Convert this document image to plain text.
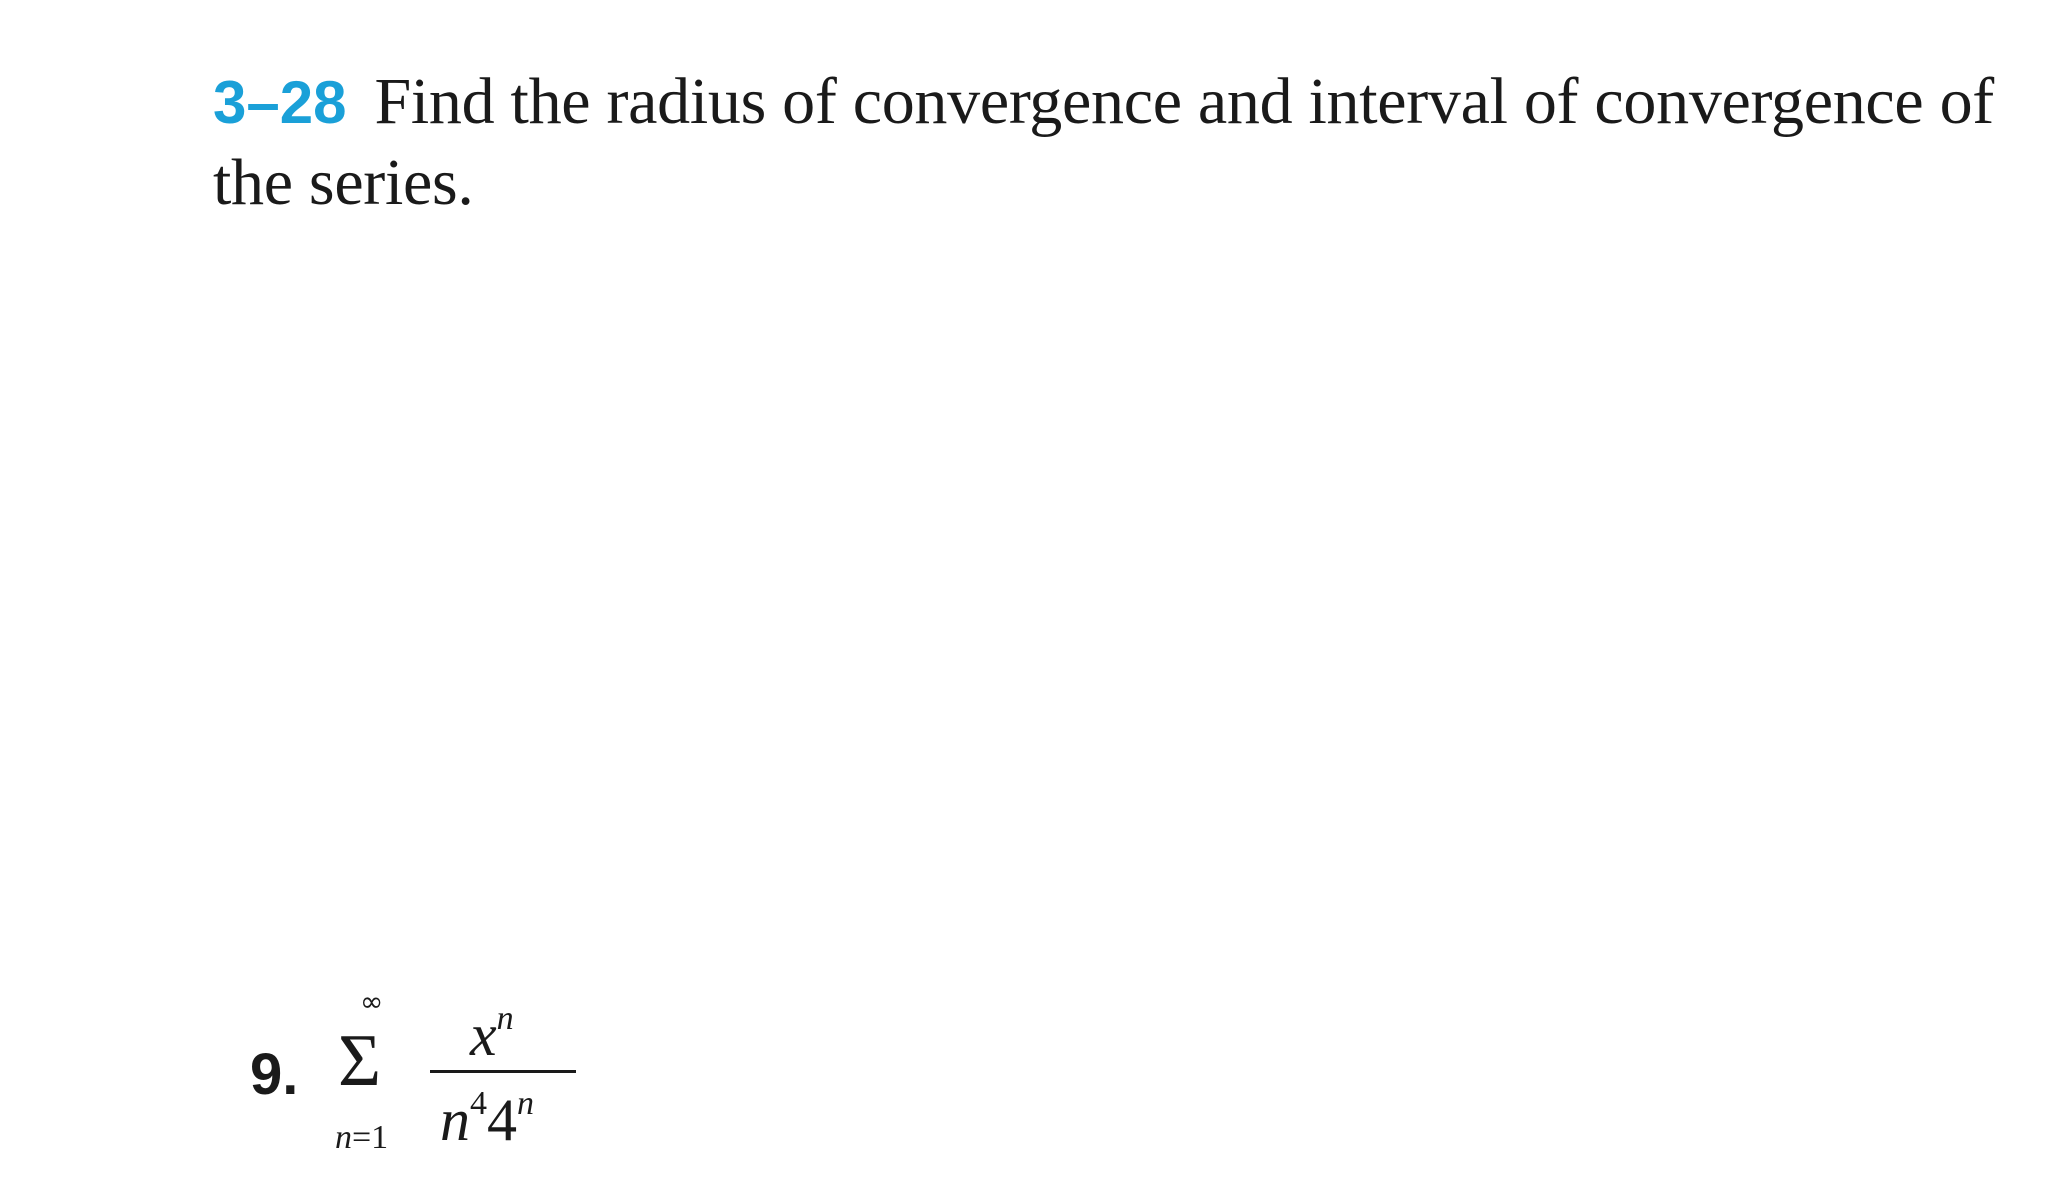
3–28 Find the radius of convergence and interval of convergence of the series.
9.
∞
Σ
n=1
$x^n$
$n^44^n$
